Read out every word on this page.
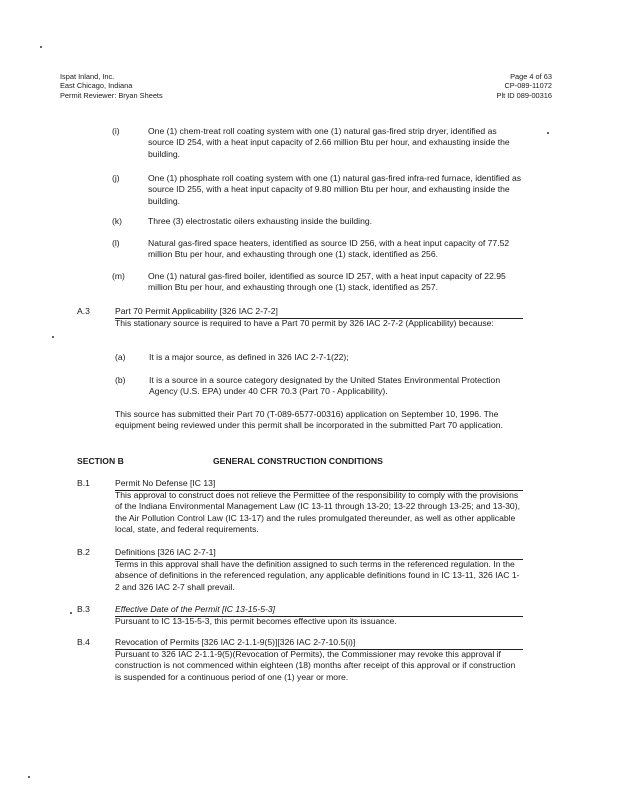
Ispat Inland, Inc.
East Chicago, Indiana
Permit Reviewer: Bryan Sheets
Page 4 of 63
CP-089-11072
Plt ID 089-00316
(i)	One (1) chem-treat roll coating system with one (1) natural gas-fired strip dryer, identified as source ID 254, with a heat input capacity of 2.66 million Btu per hour, and exhausting inside the building.
(j)	One (1) phosphate roll coating system with one (1) natural gas-fired infra-red furnace, identified as source ID 255, with a heat input capacity of 9.80 million Btu per hour, and exhausting inside the building.
(k)	Three (3) electrostatic oilers exhausting inside the building.
(l)	Natural gas-fired space heaters, identified as source ID 256, with a heat input capacity of 77.52 million Btu per hour, and exhausting through one (1) stack, identified as 256.
(m)	One (1) natural gas-fired boiler, identified as source ID 257, with a heat input capacity of 22.95 million Btu per hour, and exhausting through one (1) stack, identified as 257.
A.3	Part 70 Permit Applicability [326 IAC 2-7-2]
This stationary source is required to have a Part 70 permit by 326 IAC 2-7-2 (Applicability) because:
(a)	It is a major source, as defined in 326 IAC 2-7-1(22);
(b)	It is a source in a source category designated by the United States Environmental Protection Agency (U.S. EPA) under 40 CFR 70.3 (Part 70 - Applicability).
This source has submitted their Part 70 (T-089-6577-00316) application on September 10, 1996. The equipment being reviewed under this permit shall be incorporated in the submitted Part 70 application.
SECTION B	GENERAL CONSTRUCTION CONDITIONS
B.1	Permit No Defense [IC 13]
This approval to construct does not relieve the Permittee of the responsibility to comply with the provisions of the Indiana Environmental Management Law (IC 13-11 through 13-20; 13-22 through 13-25; and 13-30), the Air Pollution Control Law (IC 13-17) and the rules promulgated thereunder, as well as other applicable local, state, and federal requirements.
B.2	Definitions [326 IAC 2-7-1]
Terms in this approval shall have the definition assigned to such terms in the referenced regulation. In the absence of definitions in the referenced regulation, any applicable definitions found in IC 13-11, 326 IAC 1-2 and 326 IAC 2-7 shall prevail.
B.3	Effective Date of the Permit [IC 13-15-5-3]
Pursuant to IC 13-15-5-3, this permit becomes effective upon its issuance.
B.4	Revocation of Permits [326 IAC 2-1.1-9(5)][326 IAC 2-7-10.5(i)]
Pursuant to 326 IAC 2-1.1-9(5)(Revocation of Permits), the Commissioner may revoke this approval if construction is not commenced within eighteen (18) months after receipt of this approval or if construction is suspended for a continuous period of one (1) year or more.
